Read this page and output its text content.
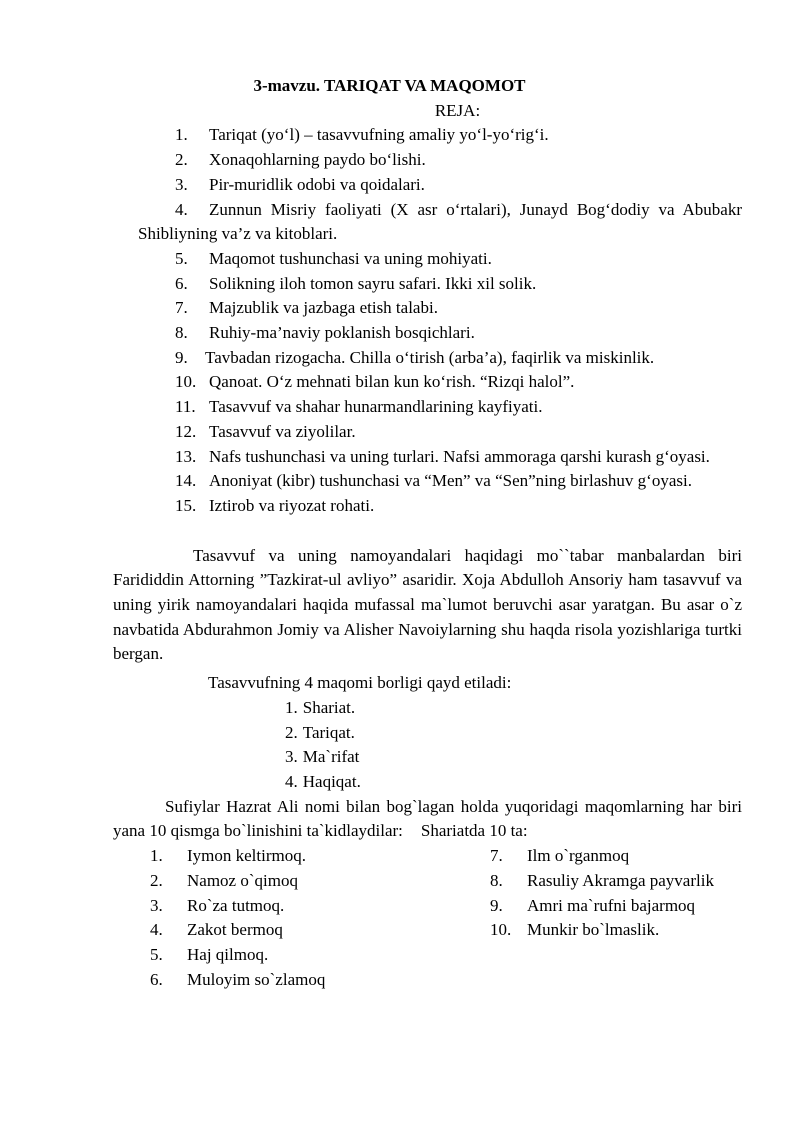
3-mavzu. TARIQAT VA MAQOMOT

REJA:

1. Tariqat (yo‘l) – tasavvufning amaliy yo‘l-yo‘rig‘i.

2. Xonaqohlarning paydo bo‘lishi.

3. Pir-muridlik odobi va qoidalari.

4. Zunnun Misriy faoliyati (X asr o‘rtalari), Junayd Bog‘dodiy va Abubakr Shibliyning va’z va kitoblari.

5. Maqomot tushunchasi va uning mohiyati.

6. Solikning iloh tomon sayru safari. Ikki xil solik.

7. Majzublik va jazbaga etish talabi.

8. Ruhiy-ma’naviy poklanish bosqichlari.

9. Tavbadan rizogacha. Chilla o‘tirish (arba’a), faqirlik va miskinlik.

10. Qanoat. O‘z mehnati bilan kun ko‘rish. “Rizqi halol”.

11. Tasavvuf va shahar hunarmandlarining kayfiyati.

12. Tasavvuf va ziyolilar.

13. Nafs tushunchasi va uning turlari. Nafsi ammoraga qarshi kurash g‘oyasi.

14. Anoniyat (kibr) tushunchasi va “Men” va “Sen”ning birlashuv g‘oyasi.

15. Iztirob va riyozat rohati.

Tasavvuf va uning namoyandalari haqidagi mo``tabar manbalardan biri Farididdin Attorning ”Tazkirat-ul avliyo” asaridir. Xoja Abdulloh Ansoriy ham tasavvuf va uning yirik namoyandalari haqida mufassal ma`lumot beruvchi asar yaratgan. Bu asar o`z navbatida Abdurahmon Jomiy va Alisher Navoiylarning shu haqda risola yozishlariga turtki bergan.

Tasavvufning 4 maqomi borligi qayd etiladi:

1. Shariat.

2. Tariqat.

3. Ma`rifat

4. Haqiqat.

Sufiylar Hazrat Ali nomi bilan bog`lagan holda yuqoridagi maqomlarning har biri yana 10 qismga bo`linishini ta`kidlaydilar: Shariatda 10 ta:

1. Iymon keltirmoq.

2. Namoz o`qimoq

3. Ro`za tutmoq.

4. Zakot bermoq

5. Haj qilmoq.

6. Muloyim so`zlamoq

7. Ilm o`rganmoq

8. Rasuliy Akramga payvarlik

9. Amri ma`rufni bajarmoq

10. Munkir bo`lmaslik.
